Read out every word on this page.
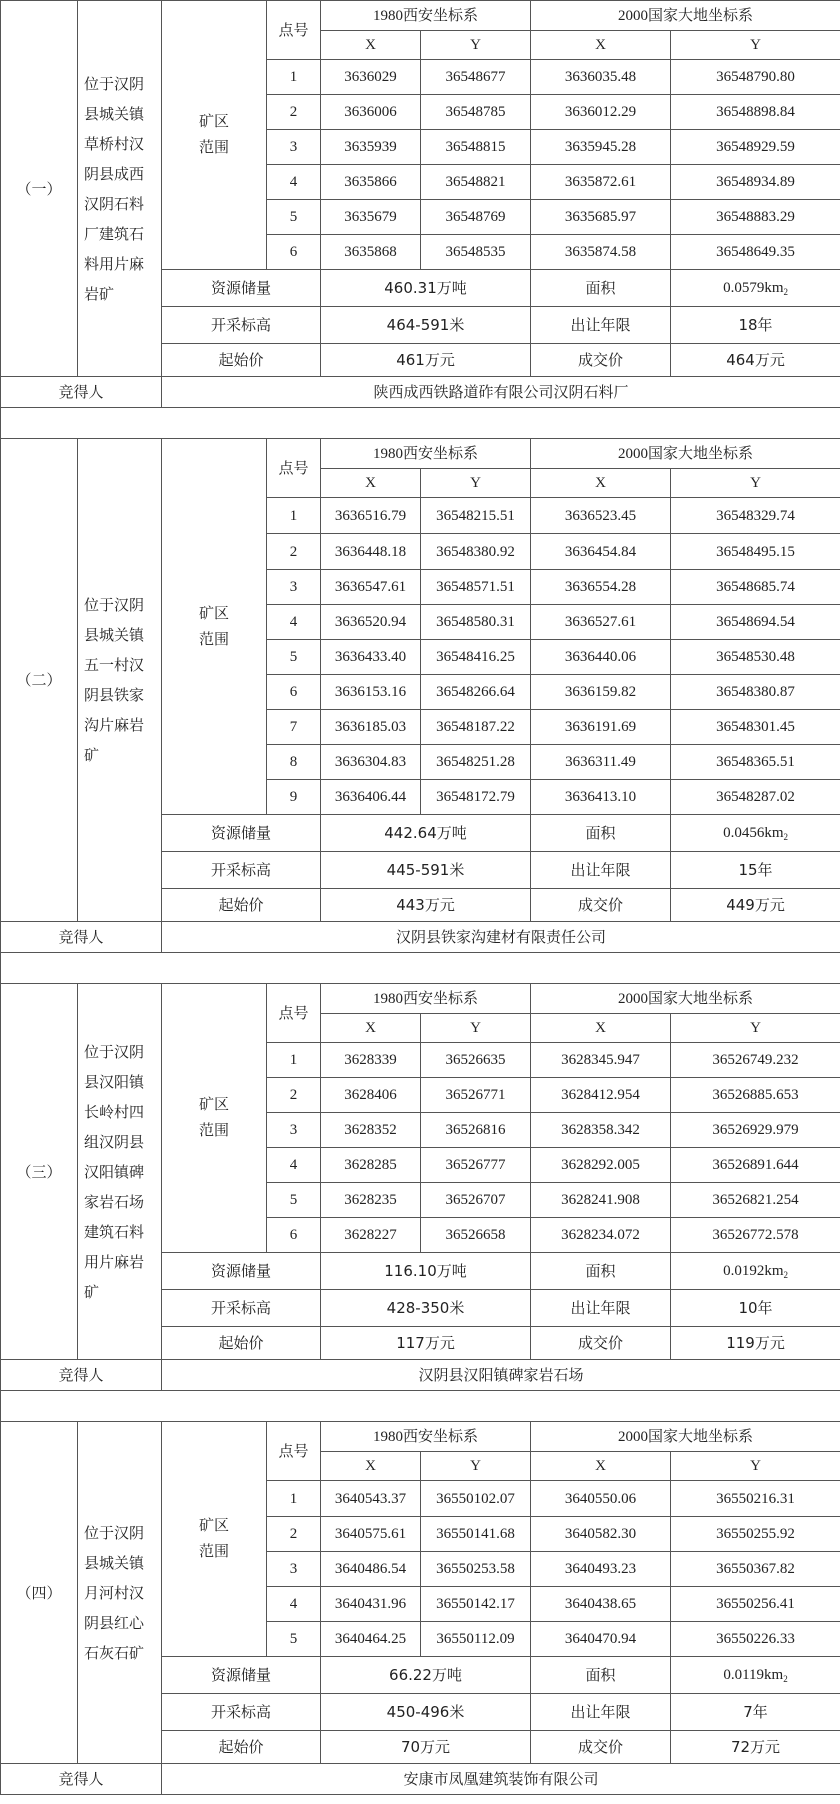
（一）	位于汉阴县城关镇草桥村汉阴县成西汉阴石料厂建筑石料用片麻岩矿	矿区范围	点号	1980西安坐标系		2000国家大地坐标系	
				X	Y	X	Y
			1	3636029	36548677	3636035.48	36548790.80
			2	3636006	36548785	3636012.29	36548898.84
			3	3635939	36548815	3635945.28	36548929.59
			4	3635866	36548821	3635872.61	36548934.89
			5	3635679	36548769	3635685.97	36548883.29
			6	3635868	36548535	3635874.58	36548649.35
		资源储量		460.31万吨		面积	$0.0579km_2$
		开采标高		464-591米		出让年限	18年
		起始价		461万元		成交价	464万元
竞得人		陕西成西铁路道砟有限公司汉阴石料厂					

（二）	位于汉阴县城关镇五一村汉阴县铁家沟片麻岩矿	矿区范围	点号	1980西安坐标系		2000国家大地坐标系	
				X	Y	X	Y
			1	3636516.79	36548215.51	3636523.45	36548329.74
			2	3636448.18	36548380.92	3636454.84	36548495.15
			3	3636547.61	36548571.51	3636554.28	36548685.74
			4	3636520.94	36548580.31	3636527.61	36548694.54
			5	3636433.40	36548416.25	3636440.06	36548530.48
			6	3636153.16	36548266.64	3636159.82	36548380.87
			7	3636185.03	36548187.22	3636191.69	36548301.45
			8	3636304.83	36548251.28	3636311.49	36548365.51
			9	3636406.44	36548172.79	3636413.10	36548287.02
		资源储量		442.64万吨		面积	$0.0456km_2$
		开采标高		445-591米		出让年限	15年
		起始价		443万元		成交价	449万元
竞得人		汉阴县铁家沟建材有限责任公司					

（三）	位于汉阴县汉阳镇长岭村四组汉阴县汉阳镇碑家岩石场建筑石料用片麻岩矿	矿区范围	点号	1980西安坐标系		2000国家大地坐标系	
				X	Y	X	Y
			1	3628339	36526635	3628345.947	36526749.232
			2	3628406	36526771	3628412.954	36526885.653
			3	3628352	36526816	3628358.342	36526929.979
			4	3628285	36526777	3628292.005	36526891.644
			5	3628235	36526707	3628241.908	36526821.254
			6	3628227	36526658	3628234.072	36526772.578
		资源储量		116.10万吨		面积	$0.0192km_2$
		开采标高		428-350米		出让年限	10年
		起始价		117万元		成交价	119万元
竞得人		汉阴县汉阳镇碑家岩石场					

（四）	位于汉阴县城关镇月河村汉阴县红心石灰石矿	矿区范围	点号	1980西安坐标系		2000国家大地坐标系	
				X	Y	X	Y
			1	3640543.37	36550102.07	3640550.06	36550216.31
			2	3640575.61	36550141.68	3640582.30	36550255.92
			3	3640486.54	36550253.58	3640493.23	36550367.82
			4	3640431.96	36550142.17	3640438.65	36550256.41
			5	3640464.25	36550112.09	3640470.94	36550226.33
		资源储量		66.22万吨		面积	$0.0119km_2$
		开采标高		450-496米		出让年限	7年
		起始价		70万元		成交价	72万元
竞得人		安康市凤凰建筑装饰有限公司					
